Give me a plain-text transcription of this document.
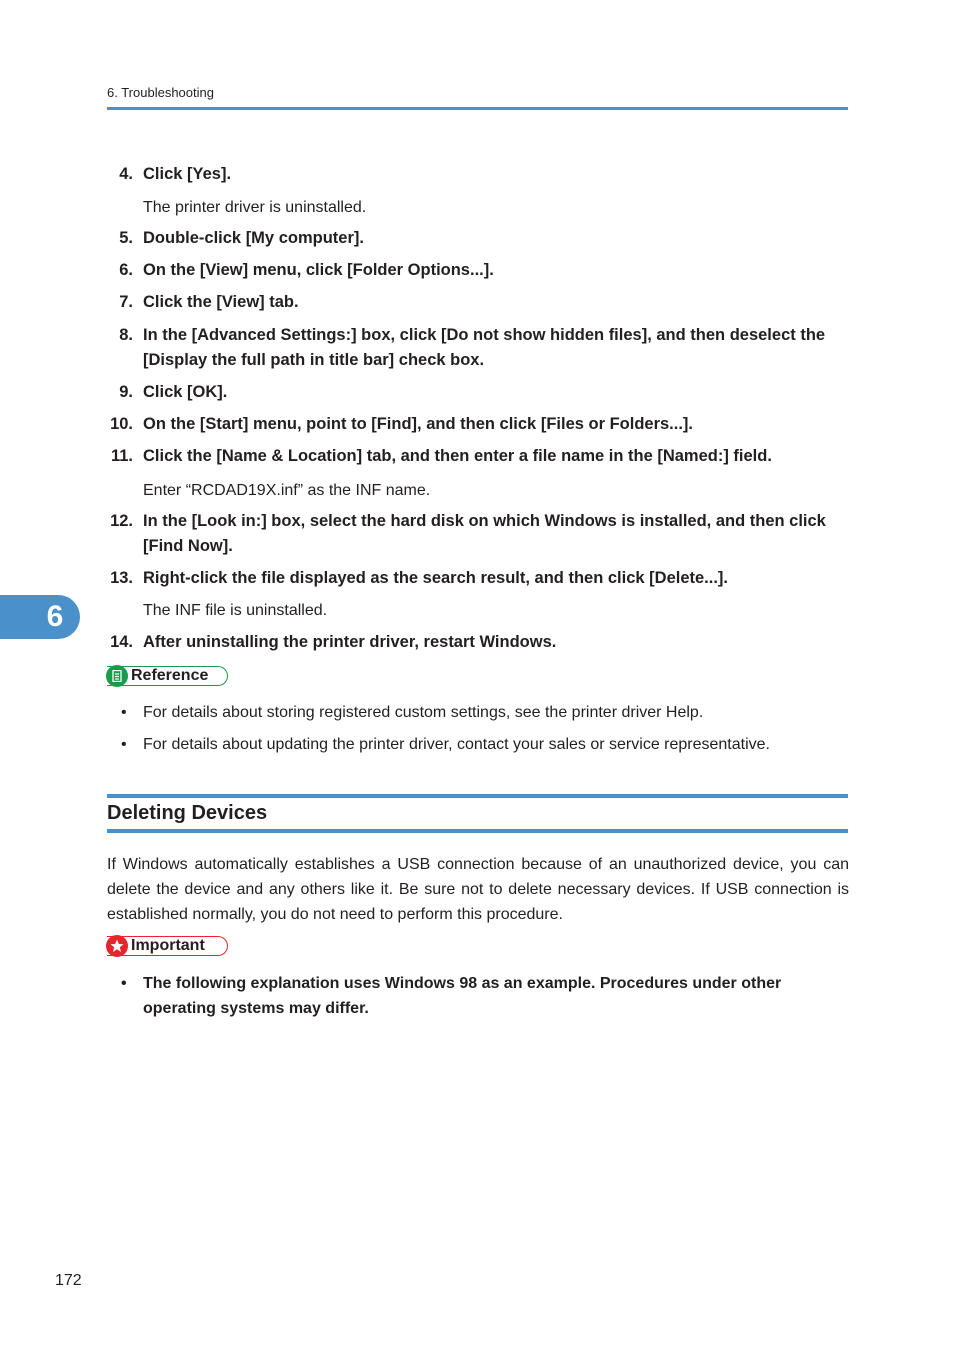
6. Troubleshooting
4. Click [Yes].
The printer driver is uninstalled.
5. Double-click [My computer].
6. On the [View] menu, click [Folder Options...].
7. Click the [View] tab.
8. In the [Advanced Settings:] box, click [Do not show hidden files], and then deselect the [Display the full path in title bar] check box.
9. Click [OK].
10. On the [Start] menu, point to [Find], and then click [Files or Folders...].
11. Click the [Name & Location] tab, and then enter a file name in the [Named:] field.
Enter “RCDAD19X.inf” as the INF name.
12. In the [Look in:] box, select the hard disk on which Windows is installed, and then click [Find Now].
13. Right-click the file displayed as the search result, and then click [Delete...].
The INF file is uninstalled.
6
14. After uninstalling the printer driver, restart Windows.
Reference
• For details about storing registered custom settings, see the printer driver Help.
• For details about updating the printer driver, contact your sales or service representative.
Deleting Devices
If Windows automatically establishes a USB connection because of an unauthorized device, you can delete the device and any others like it. Be sure not to delete necessary devices. If USB connection is established normally, you do not need to perform this procedure.
Important
• The following explanation uses Windows 98 as an example. Procedures under other operating systems may differ.
172
